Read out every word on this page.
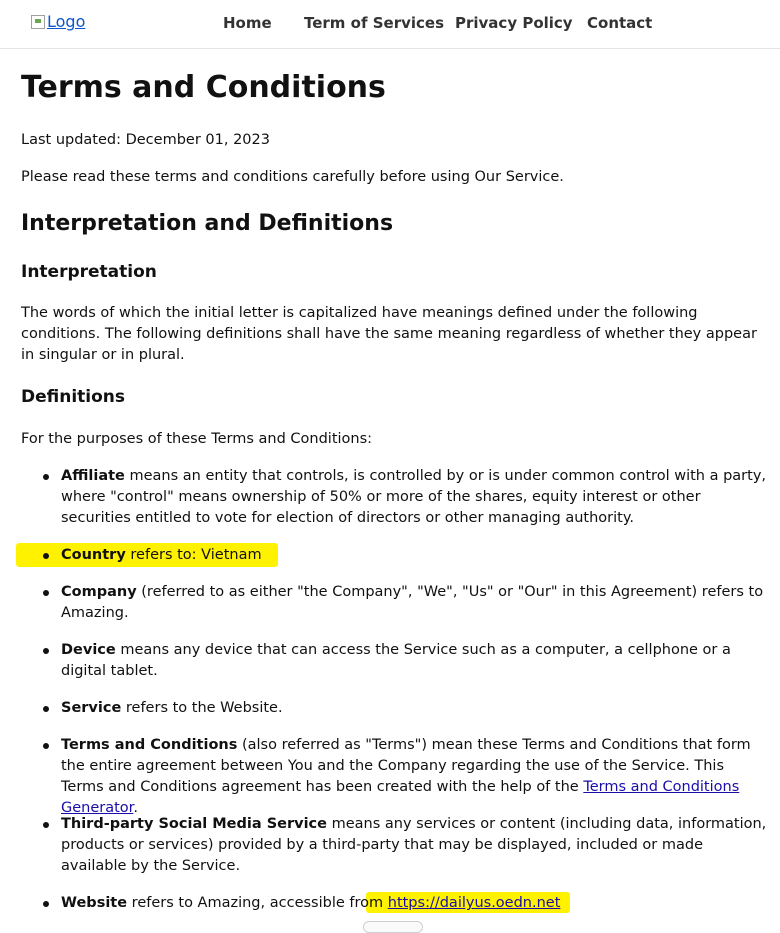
Logo	Home Term of Services Privacy Policy Contact
Terms and Conditions

Last updated: December 01, 2023

Please read these terms and conditions carefully before using Our Service.

Interpretation and Definitions
Interpretation

The words of which the initial letter is capitalized have meanings defined under the following conditions. The following definitions shall have the same meaning regardless of whether they appear in singular or in plural.

Definitions

For the purposes of these Terms and Conditions:

Affiliate means an entity that controls, is controlled by or is under common control with a party, where "control" means ownership of 50% or more of the shares, equity interest or other securities entitled to vote for election of directors or other managing authority.
Country refers to: Vietnam
Company (referred to as either "the Company", "We", "Us" or "Our" in this Agreement) refers to Amazing.
Device means any device that can access the Service such as a computer, a cellphone or a digital tablet.
Service refers to the Website.
Terms and Conditions (also referred as "Terms") mean these Terms and Conditions that form the entire agreement between You and the Company regarding the use of the Service. This Terms and Conditions agreement has been created with the help of the Terms and Conditions Generator.
Third-party Social Media Service means any services or content (including data, information, products or services) provided by a third-party that may be displayed, included or made available by the Service.
Website refers to Amazing, accessible from https://dailyus.oedn.net
